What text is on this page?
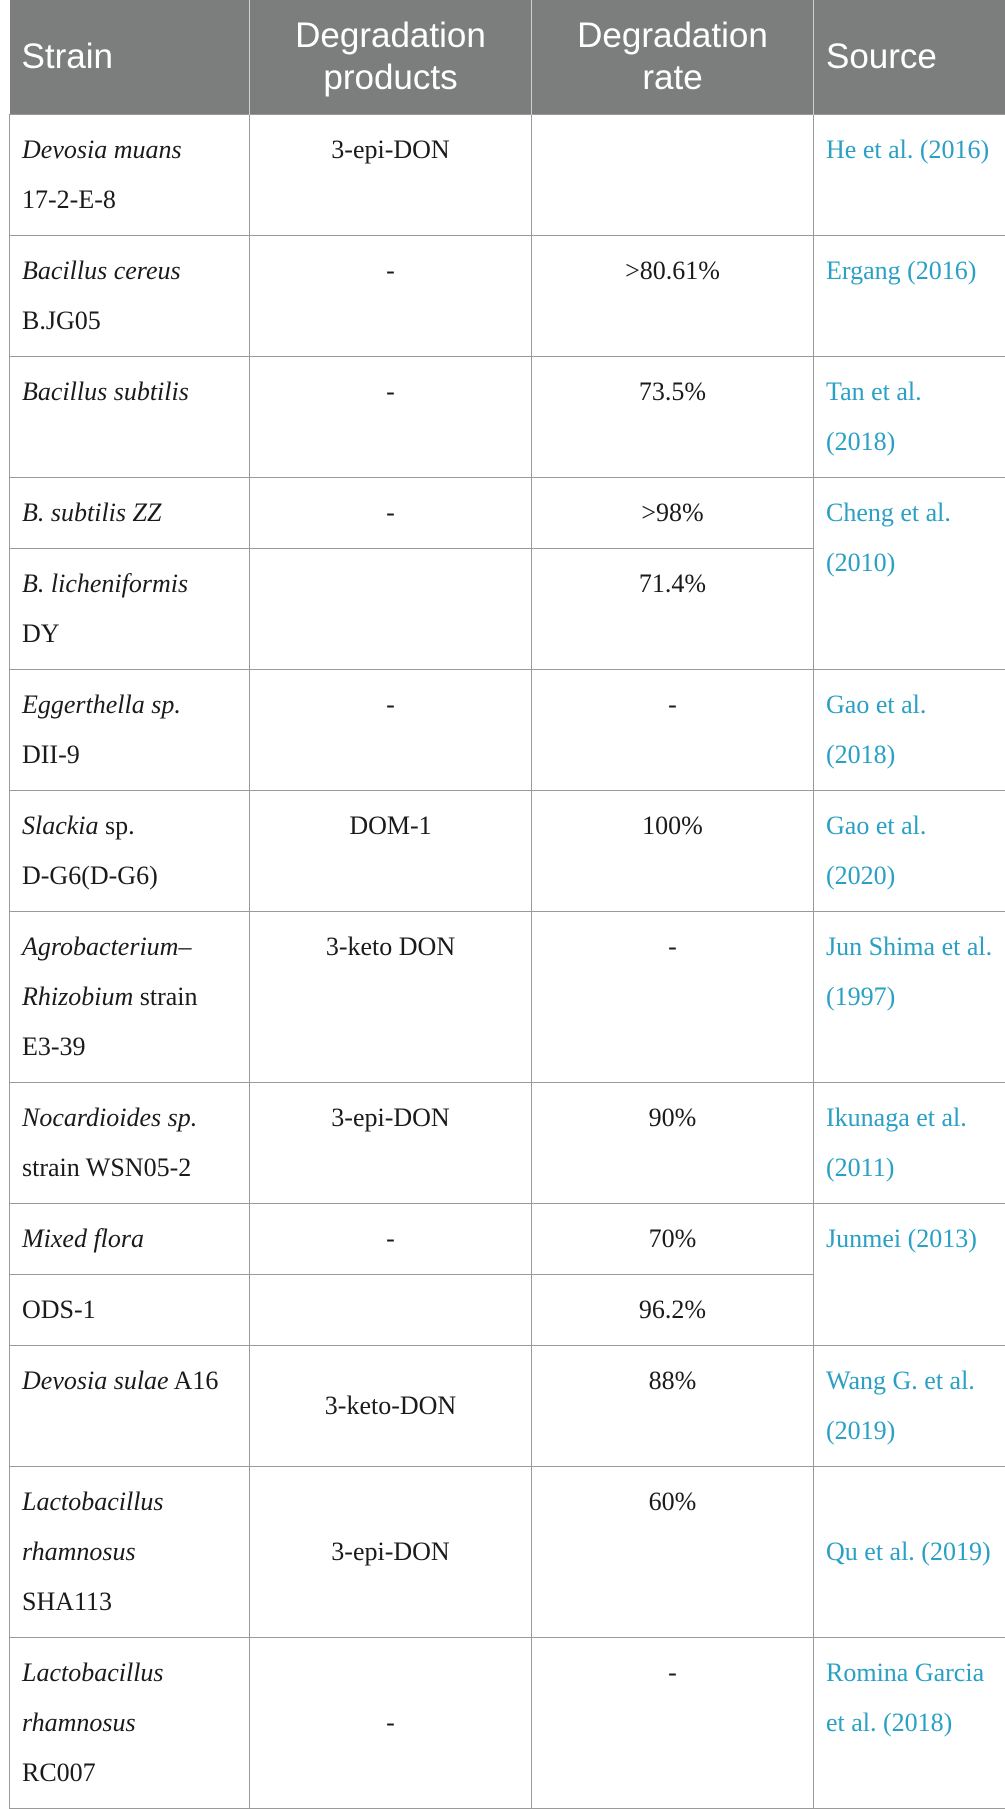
Strain	Degradation products	Degradation rate	Source
Devosia muans
17-2-E-8	3-epi-DON		He et al. (2016)
Bacillus cereus
B.JG05	-	>80.61%	Ergang (2016)
Bacillus subtilis	-	73.5%	Tan et al. (2018)
B. subtilis ZZ	-	>98%	Cheng et al. (2010)
B. licheniformis
DY		71.4%	
Eggerthella sp.
DII-9	-	-	Gao et al. (2018)
Slackia sp.
D-G6(D-G6)	DOM-1	100%	Gao et al. (2020)
Agrobacterium–
Rhizobium strain
E3-39	3-keto DON	-	Jun Shima et al. (1997)
Nocardioides sp.
strain WSN05-2	3-epi-DON	90%	Ikunaga et al. (2011)
Mixed flora	-	70%	Junmei (2013)
ODS-1		96.2%	
Devosia sulae A16	3-keto-DON	88%	Wang G. et al. (2019)
Lactobacillus rhamnosus
SHA113	3-epi-DON	60%	Qu et al. (2019)
Lactobacillus rhamnosus
RC007	-	-	Romina Garcia et al. (2018)
